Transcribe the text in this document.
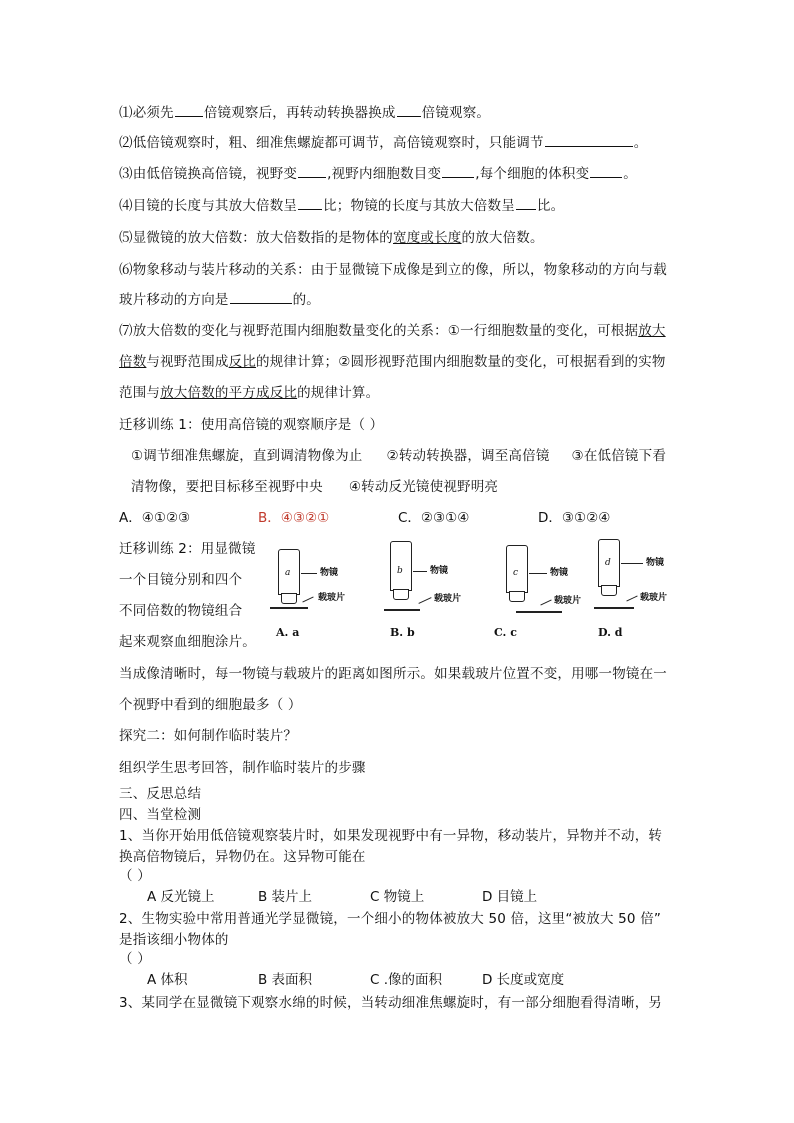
⑴必须先 倍镜观察后，再转动转换器换成 倍镜观察。
⑵低倍镜观察时，粗、细准焦螺旋都可调节，高倍镜观察时，只能调节	。
⑶由低倍镜换高倍镜，视野变 ,视野内细胞数目变	,每个细胞的体积变	。
⑷目镜的长度与其放大倍数呈 比；物镜的长度与其放大倍数呈 比。
⑸显微镜的放大倍数：放大倍数指的是物体的宽度或长度的放大倍数。
⑹物象移动与装片移动的关系：由于显微镜下成像是到立的像，所以，物象移动的方向与载
玻片移动的方向是	的。
⑺放大倍数的变化与视野范围内细胞数量变化的关系：①一行细胞数量的变化，可根据放大
倍数与视野范围成反比的规律计算；②圆形视野范围内细胞数量的变化，可根据看到的实物
范围与放大倍数的平方成反比的规律计算。
迁移训练 1：使用高倍镜的观察顺序是（ ）
①调节细准焦螺旋，直到调清物像为止 ②转动转换器，调至高倍镜 ③在低倍镜下看
清物像，要把目标移至视野中央 ④转动反光镜使视野明亮
A．④①②③	B．④③②①	C．②③①④	D．③①②④
迁移训练 2：用显微镜
一个目镜分别和四个
不同倍数的物镜组合
起来观察血细胞涂片。
a	物镜
载玻片
b	物镜
载玻片
c	物镜
载玻片
d	物镜
载玻片
A. a	B. b	C. c	D. d
当成像清晰时，每一物镜与载玻片的距离如图所示。如果载玻片位置不变，用哪一物镜在一
个视野中看到的细胞最多（ ）
探究二：如何制作临时装片？
组织学生思考回答，制作临时装片的步骤
三、反思总结
四、当堂检测
1、当你开始用低倍镜观察装片时，如果发现视野中有一异物，移动装片，异物并不动，转
换高倍物镜后，异物仍在。这异物可能在
（ ）
A 反光镜上	B 装片上	C 物镜上	D 目镜上
2、生物实验中常用普通光学显微镜，一个细小的物体被放大 50 倍，这里“被放大 50 倍”
是指该细小物体的
（ ）
A 体积	B 表面积	C .像的面积	D 长度或宽度
3、某同学在显微镜下观察水绵的时候，当转动细准焦螺旋时，有一部分细胞看得清晰，另
